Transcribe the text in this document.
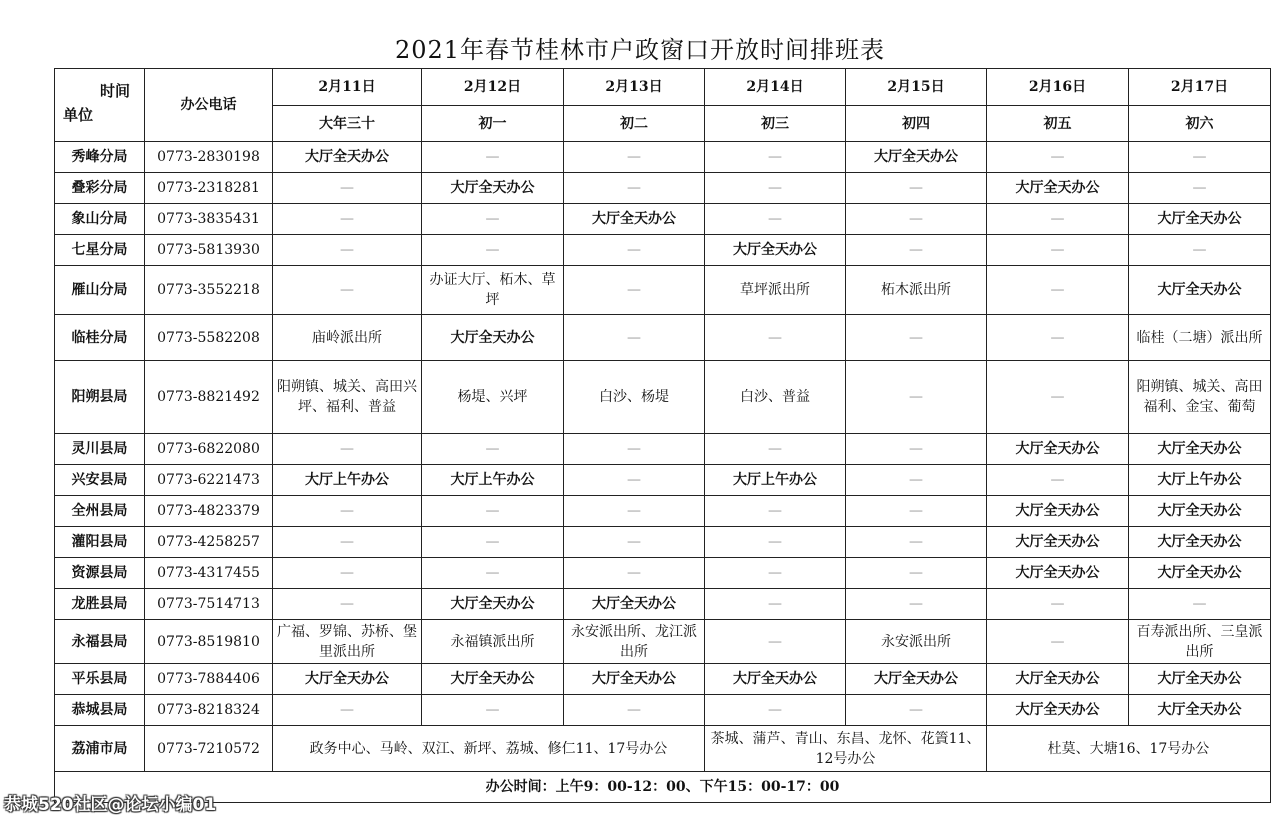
2021年春节桂林市户政窗口开放时间排班表
时间
单位	办公电话	2月11日	2月12日	2月13日	2月14日	2月15日	2月16日	2月17日
		大年三十	初一	初二	初三	初四	初五	初六
秀峰分局	0773-2830198	大厅全天办公	—	—	—	大厅全天办公	—	—
叠彩分局	0773-2318281	—	大厅全天办公	—	—	—	大厅全天办公	—
象山分局	0773-3835431	—	—	大厅全天办公	—	—	—	大厅全天办公
七星分局	0773-5813930	—	—	—	大厅全天办公	—	—	—
雁山分局	0773-3552218	—	办证大厅、柘木、草坪	—	草坪派出所	柘木派出所	—	大厅全天办公
临桂分局	0773-5582208	庙岭派出所	大厅全天办公	—	—	—	—	临桂（二塘）派出所
阳朔县局	0773-8821492	阳朔镇、城关、高田兴坪、福利、普益	杨堤、兴坪	白沙、杨堤	白沙、普益	—	—	阳朔镇、城关、高田福利、金宝、葡萄
灵川县局	0773-6822080	—	—	—	—	—	大厅全天办公	大厅全天办公
兴安县局	0773-6221473	大厅上午办公	大厅上午办公	—	大厅上午办公	—	—	大厅上午办公
全州县局	0773-4823379	—	—	—	—	—	大厅全天办公	大厅全天办公
灌阳县局	0773-4258257	—	—	—	—	—	大厅全天办公	大厅全天办公
资源县局	0773-4317455	—	—	—	—	—	大厅全天办公	大厅全天办公
龙胜县局	0773-7514713	—	大厅全天办公	大厅全天办公	—	—	—	—
永福县局	0773-8519810	广福、罗锦、苏桥、堡里派出所	永福镇派出所	永安派出所、龙江派出所	—	永安派出所	—	百寿派出所、三皇派出所
平乐县局	0773-7884406	大厅全天办公	大厅全天办公	大厅全天办公	大厅全天办公	大厅全天办公	大厅全天办公	大厅全天办公
恭城县局	0773-8218324	—	—	—	—	—	大厅全天办公	大厅全天办公
荔浦市局	0773-7210572	政务中心、马岭、双江、新坪、荔城、修仁11、17号办公			茶城、蒲芦、青山、东昌、龙怀、花篢11、12号办公		杜莫、大塘16、17号办公	
办公时间：上午9：00-12：00、下午15：00-17：00								
恭城520社区@论坛小编01
